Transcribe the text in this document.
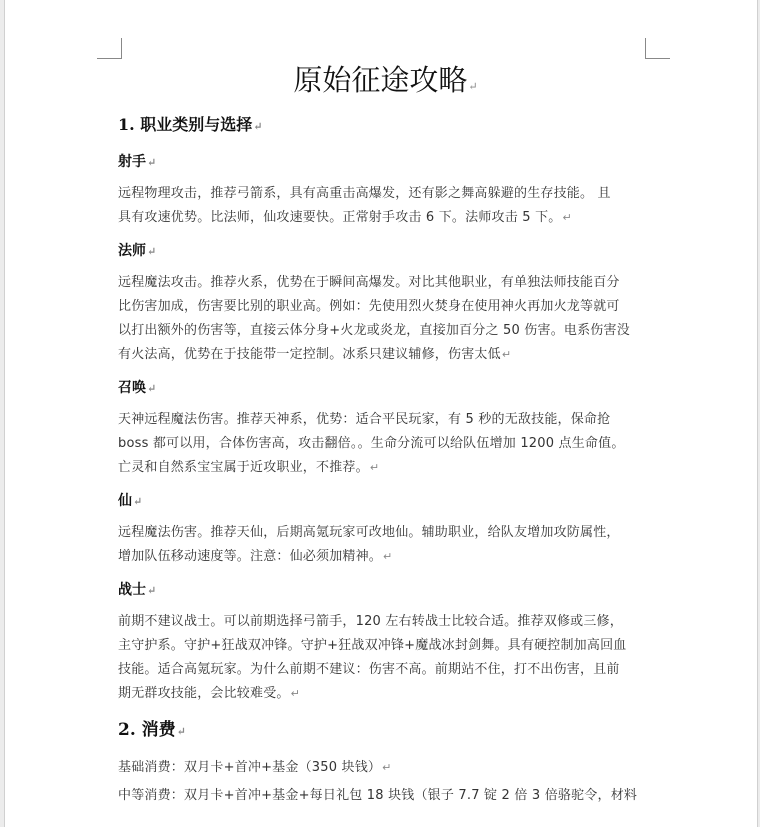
原始征途攻略↵
1. 职业类别与选择↵
射手↵
远程物理攻击，推荐弓箭系，具有高重击高爆发，还有影之舞高躲避的生存技能。 且
具有攻速优势。比法师，仙攻速要快。正常射手攻击 6 下。法师攻击 5 下。↵
法师↵
远程魔法攻击。推荐火系，优势在于瞬间高爆发。对比其他职业，有单独法师技能百分
比伤害加成，伤害要比别的职业高。例如：先使用烈火焚身在使用神火再加火龙等就可
以打出额外的伤害等，直接云体分身+火龙或炎龙，直接加百分之 50 伤害。电系伤害没
有火法高，优势在于技能带一定控制。冰系只建议辅修，伤害太低↵
召唤↵
天神远程魔法伤害。推荐天神系，优势：适合平民玩家，有 5 秒的无敌技能，保命抢
boss 都可以用，合体伤害高，攻击翻倍。。生命分流可以给队伍增加 1200 点生命值。
亡灵和自然系宝宝属于近攻职业，不推荐。↵
仙↵
远程魔法伤害。推荐天仙，后期高氪玩家可改地仙。辅助职业，给队友增加攻防属性，
增加队伍移动速度等。注意：仙必须加精神。↵
战士↵
前期不建议战士。可以前期选择弓箭手，120 左右转战士比较合适。推荐双修或三修，
主守护系。守护+狂战双冲锋。守护+狂战双冲锋+魔战冰封剑舞。具有硬控制加高回血
技能。适合高氪玩家。为什么前期不建议：伤害不高。前期站不住，打不出伤害，且前
期无群攻技能，会比较难受。↵
2. 消费↵
基础消费：双月卡+首冲+基金（350 块钱）↵
中等消费：双月卡+首冲+基金+每日礼包 18 块钱（银子 7.7 锭 2 倍 3 倍骆驼令，材料
